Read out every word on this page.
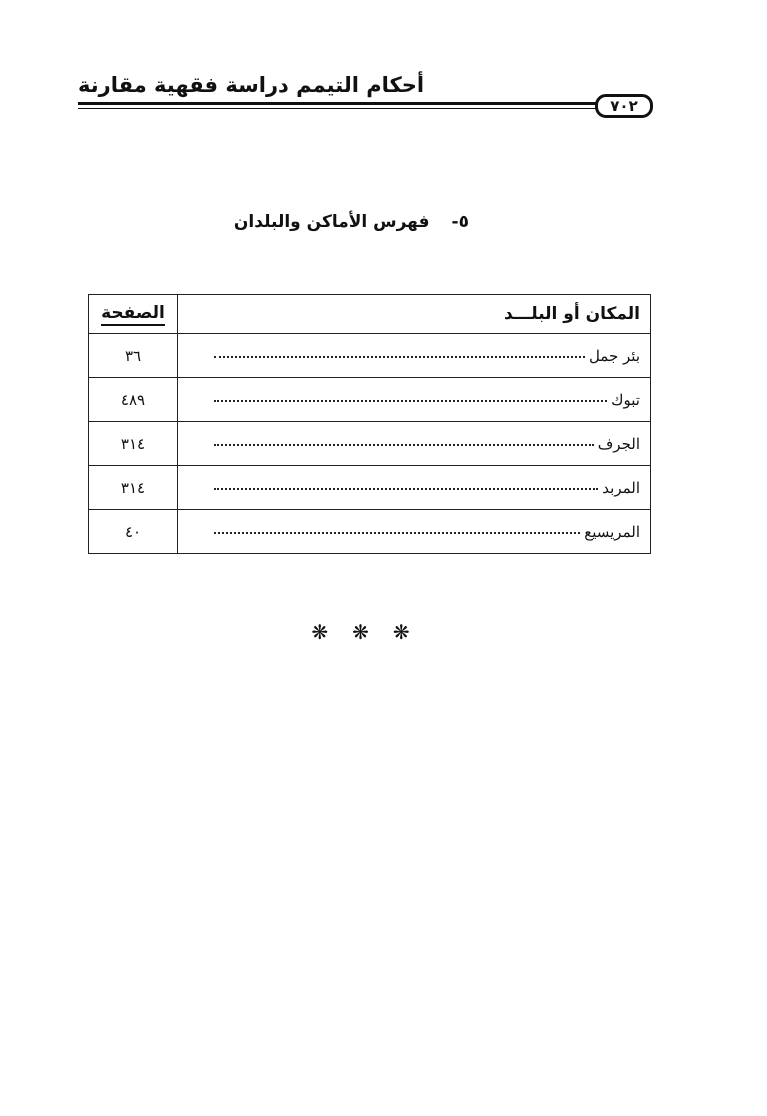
أحكام التيمم دراسة فقهية مقارنة
٧٠٢
٥-فهرس الأماكن والبلدان
المكان أو البلـــد	الصفحة

بئر جمل	٣٦

تبوك	٤٨٩

الجرف	٣١٤

المربد	٣١٤

المريسيع	٤٠
❋❋❋
